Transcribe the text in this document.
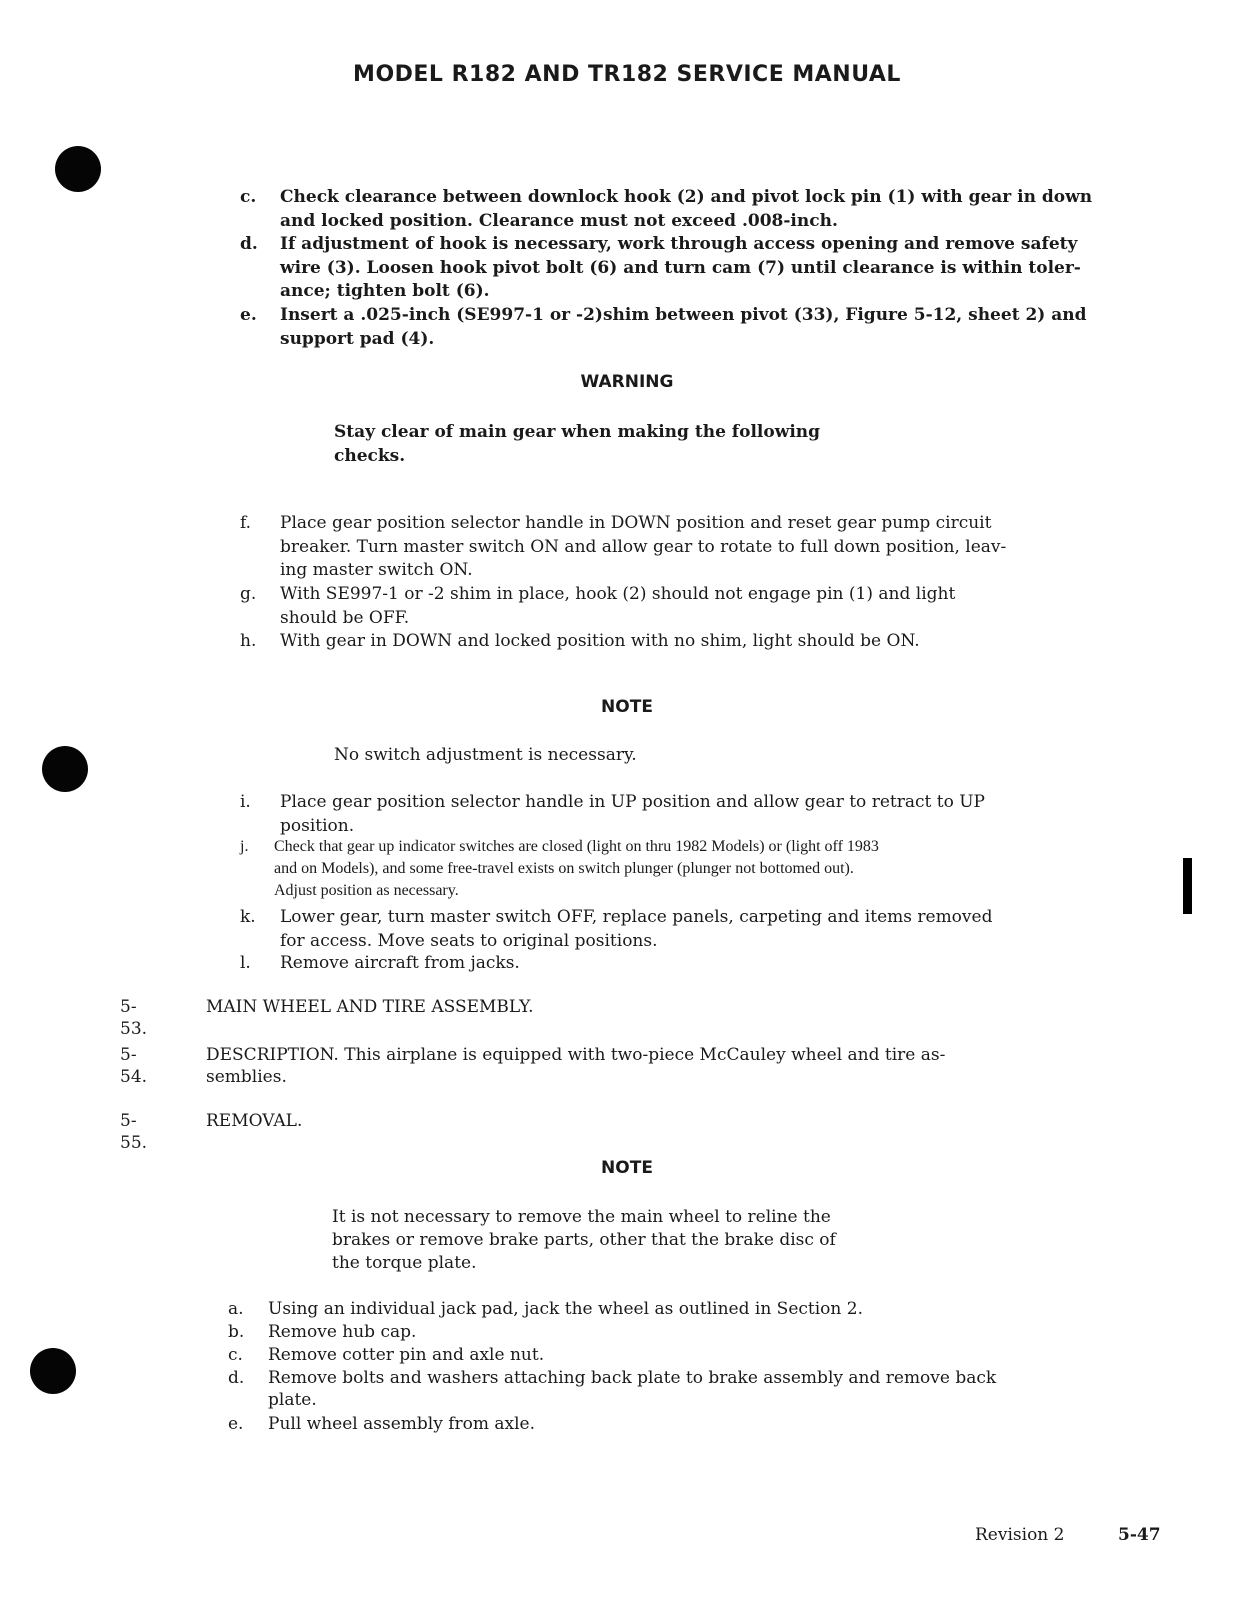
MODEL R182 AND TR182 SERVICE MANUAL
c. Check clearance between downlock hook (2) and pivot lock pin (1) with gear in down
and locked position. Clearance must not exceed .008-inch.
d. If adjustment of hook is necessary, work through access opening and remove safety
wire (3). Loosen hook pivot bolt (6) and turn cam (7) until clearance is within toler-
ance; tighten bolt (6).
e. Insert a .025-inch (SE997-1 or -2)shim between pivot (33), Figure 5-12, sheet 2) and
support pad (4).
WARNING
Stay clear of main gear when making the following
checks.
f. Place gear position selector handle in DOWN position and reset gear pump circuit
breaker. Turn master switch ON and allow gear to rotate to full down position, leav-
ing master switch ON.
g. With SE997-1 or -2 shim in place, hook (2) should not engage pin (1) and light
should be OFF.
h. With gear in DOWN and locked position with no shim, light should be ON.
NOTE
No switch adjustment is necessary.
i. Place gear position selector handle in UP position and allow gear to retract to UP
position.
j. Check that gear up indicator switches are closed (light on thru 1982 Models) or (light off 1983
and on Models), and some free-travel exists on switch plunger (plunger not bottomed out).
Adjust position as necessary.
k. Lower gear, turn master switch OFF, replace panels, carpeting and items removed
for access. Move seats to original positions.
l. Remove aircraft from jacks.
5-53.
MAIN WHEEL AND TIRE ASSEMBLY.
5-54.
DESCRIPTION. This airplane is equipped with two-piece McCauley wheel and tire as-
semblies.
5-55.
REMOVAL.
NOTE
It is not necessary to remove the main wheel to reline the
brakes or remove brake parts, other that the brake disc of
the torque plate.
a. Using an individual jack pad, jack the wheel as outlined in Section 2.
b. Remove hub cap.
c. Remove cotter pin and axle nut.
d. Remove bolts and washers attaching back plate to brake assembly and remove back
plate.
e. Pull wheel assembly from axle.
Revision 2	5-47
